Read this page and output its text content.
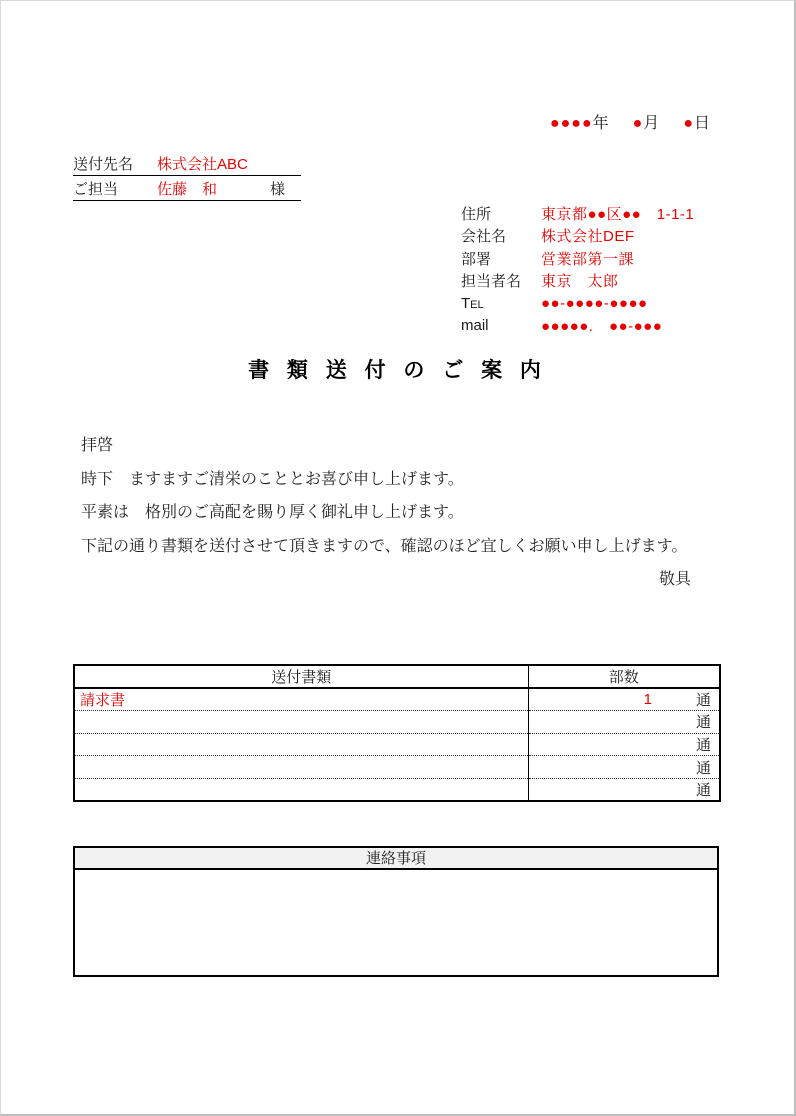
●●●●年 ●月 ●日
送付先名	株式会社ABC
ご担当	佐藤　和	様
住所	東京都●●区●●　1-1-1
会社名	株式会社DEF
部署	営業部第一課
担当者名	東京　太郎
Tel	●●-●●●●-●●●●
mail	●●●●●.　●●-●●●
書 類 送 付 の ご 案 内
拝啓
時下　ますますご清栄のこととお喜び申し上げます。
平素は　格別のご高配を賜り厚く御礼申し上げます。
下記の通り書類を送付させて頂きますので、確認のほど宜しくお願い申し上げます。
敬具
送付書類	部数
請求書	1 通

	通

	通

	通

	通
連絡事項
